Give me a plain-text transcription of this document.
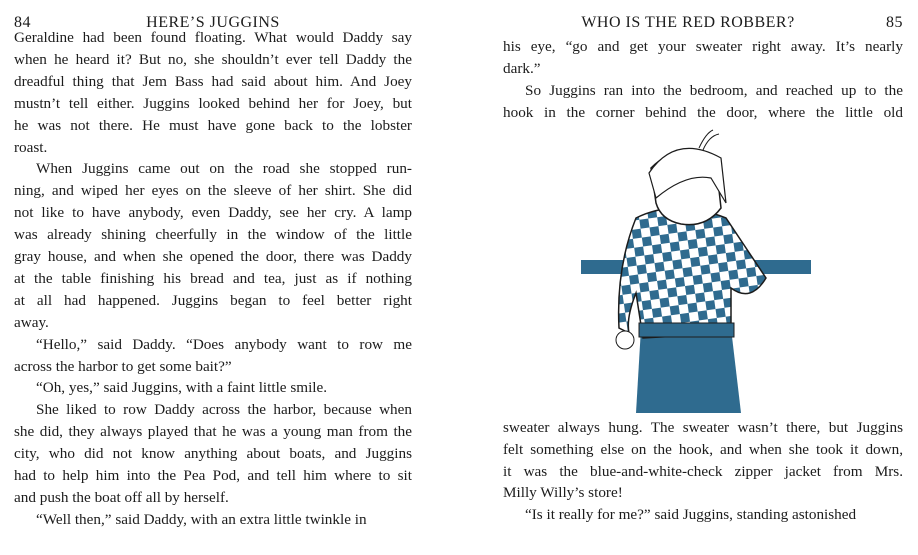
84	HERE’S JUGGINS
Geraldine had been found floating. What would Daddy say
when he heard it? But no, she shouldn’t ever tell Daddy the
dreadful thing that Jem Bass had said about him. And Joey
mustn’t tell either. Juggins looked behind her for Joey, but
he was not there. He must have gone back to the lobster
roast.
When Juggins came out on the road she stopped run-
ning, and wiped her eyes on the sleeve of her shirt. She did
not like to have anybody, even Daddy, see her cry. A lamp
was already shining cheerfully in the window of the little
gray house, and when she opened the door, there was Daddy
at the table finishing his bread and tea, just as if nothing
at all had happened. Juggins began to feel better right
away.
“Hello,” said Daddy. “Does anybody want to row me
across the harbor to get some bait?”
“Oh, yes,” said Juggins, with a faint little smile.
She liked to row Daddy across the harbor, because when
she did, they always played that he was a young man from the
city, who did not know anything about boats, and Juggins
had to help him into the Pea Pod, and tell him where to sit
and push the boat off all by herself.
“Well then,” said Daddy, with an extra little twinkle in
WHO IS THE RED ROBBER?	85
his eye, “go and get your sweater right away. It’s nearly
dark.”
So Juggins ran into the bedroom, and reached up to the
hook in the corner behind the door, where the little old
sweater always hung. The sweater wasn’t there, but Juggins
felt something else on the hook, and when she took it down,
it was the blue-and-white-check zipper jacket from Mrs.
Milly Willy’s store!
“Is it really for me?” said Juggins, standing astonished
